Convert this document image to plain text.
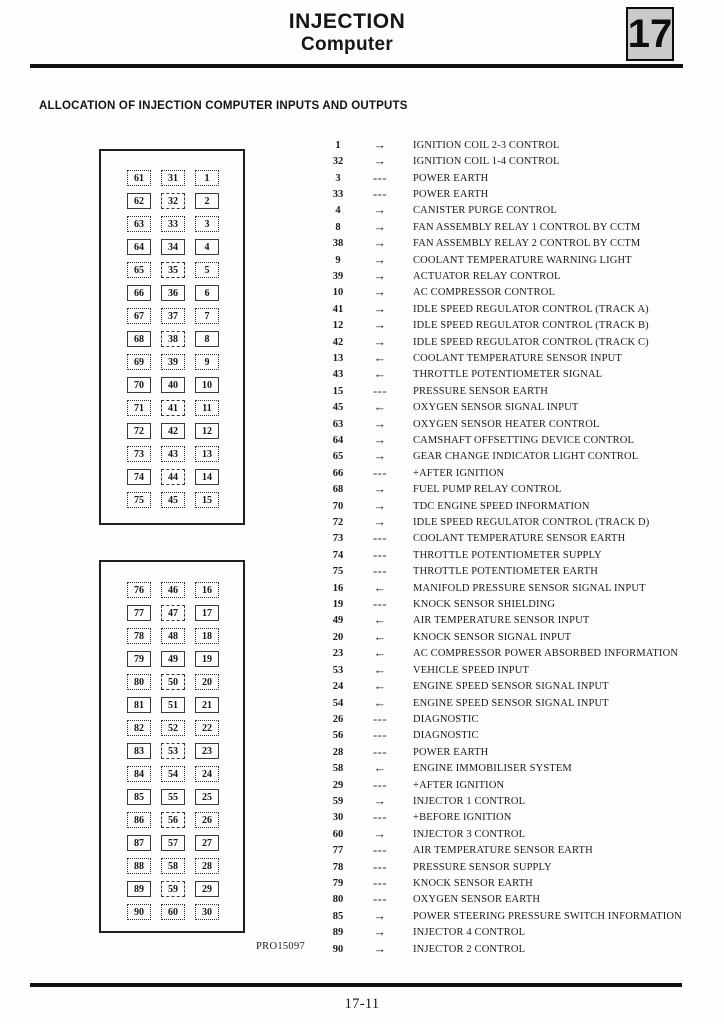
INJECTION
Computer	17
ALLOCATION OF INJECTION COMPUTER INPUTS AND OUTPUTS
61	31	1
62	32	2
63	33	3
64	34	4
65	35	5
66	36	6
67	37	7
68	38	8
69	39	9
70	40	10
71	41	11
72	42	12
73	43	13
74	44	14
75	45	15
76	46	16
77	47	17
78	48	18
79	49	19
80	50	20
81	51	21
82	52	22
83	53	23
84	54	24
85	55	25
86	56	26
87	57	27
88	58	28
89	59	29
90	60	30
PRO15097
1	→	IGNITION COIL 2-3 CONTROL
32	→	IGNITION COIL 1-4 CONTROL
3	---	POWER EARTH
33	---	POWER EARTH
4	→	CANISTER PURGE CONTROL
8	→	FAN ASSEMBLY RELAY 1 CONTROL BY CCTM
38	→	FAN ASSEMBLY RELAY 2 CONTROL BY CCTM
9	→	COOLANT TEMPERATURE WARNING LIGHT
39	→	ACTUATOR RELAY CONTROL
10	→	AC COMPRESSOR CONTROL
41	→	IDLE SPEED REGULATOR CONTROL (TRACK A)
12	→	IDLE SPEED REGULATOR CONTROL (TRACK B)
42	→	IDLE SPEED REGULATOR CONTROL (TRACK C)
13	←	COOLANT TEMPERATURE SENSOR INPUT
43	←	THROTTLE POTENTIOMETER SIGNAL
15	---	PRESSURE SENSOR EARTH
45	←	OXYGEN SENSOR SIGNAL INPUT
63	→	OXYGEN SENSOR HEATER CONTROL
64	→	CAMSHAFT OFFSETTING DEVICE CONTROL
65	→	GEAR CHANGE INDICATOR LIGHT CONTROL
66	---	+AFTER IGNITION
68	→	FUEL PUMP RELAY CONTROL
70	→	TDC ENGINE SPEED INFORMATION
72	→	IDLE SPEED REGULATOR CONTROL (TRACK D)
73	---	COOLANT TEMPERATURE SENSOR EARTH
74	---	THROTTLE POTENTIOMETER SUPPLY
75	---	THROTTLE POTENTIOMETER EARTH
16	←	MANIFOLD PRESSURE SENSOR SIGNAL INPUT
19	---	KNOCK SENSOR SHIELDING
49	←	AIR TEMPERATURE SENSOR INPUT
20	←	KNOCK SENSOR SIGNAL INPUT
23	←	AC COMPRESSOR POWER ABSORBED INFORMATION
53	←	VEHICLE SPEED INPUT
24	←	ENGINE SPEED SENSOR SIGNAL INPUT
54	←	ENGINE SPEED SENSOR SIGNAL INPUT
26	---	DIAGNOSTIC
56	---	DIAGNOSTIC
28	---	POWER EARTH
58	←	ENGINE IMMOBILISER SYSTEM
29	---	+AFTER IGNITION
59	→	INJECTOR 1 CONTROL
30	---	+BEFORE IGNITION
60	→	INJECTOR 3 CONTROL
77	---	AIR TEMPERATURE SENSOR EARTH
78	---	PRESSURE SENSOR SUPPLY
79	---	KNOCK SENSOR EARTH
80	---	OXYGEN SENSOR EARTH
85	→	POWER STEERING PRESSURE SWITCH INFORMATION
89	→	INJECTOR 4 CONTROL
90	→	INJECTOR 2 CONTROL
17-11
